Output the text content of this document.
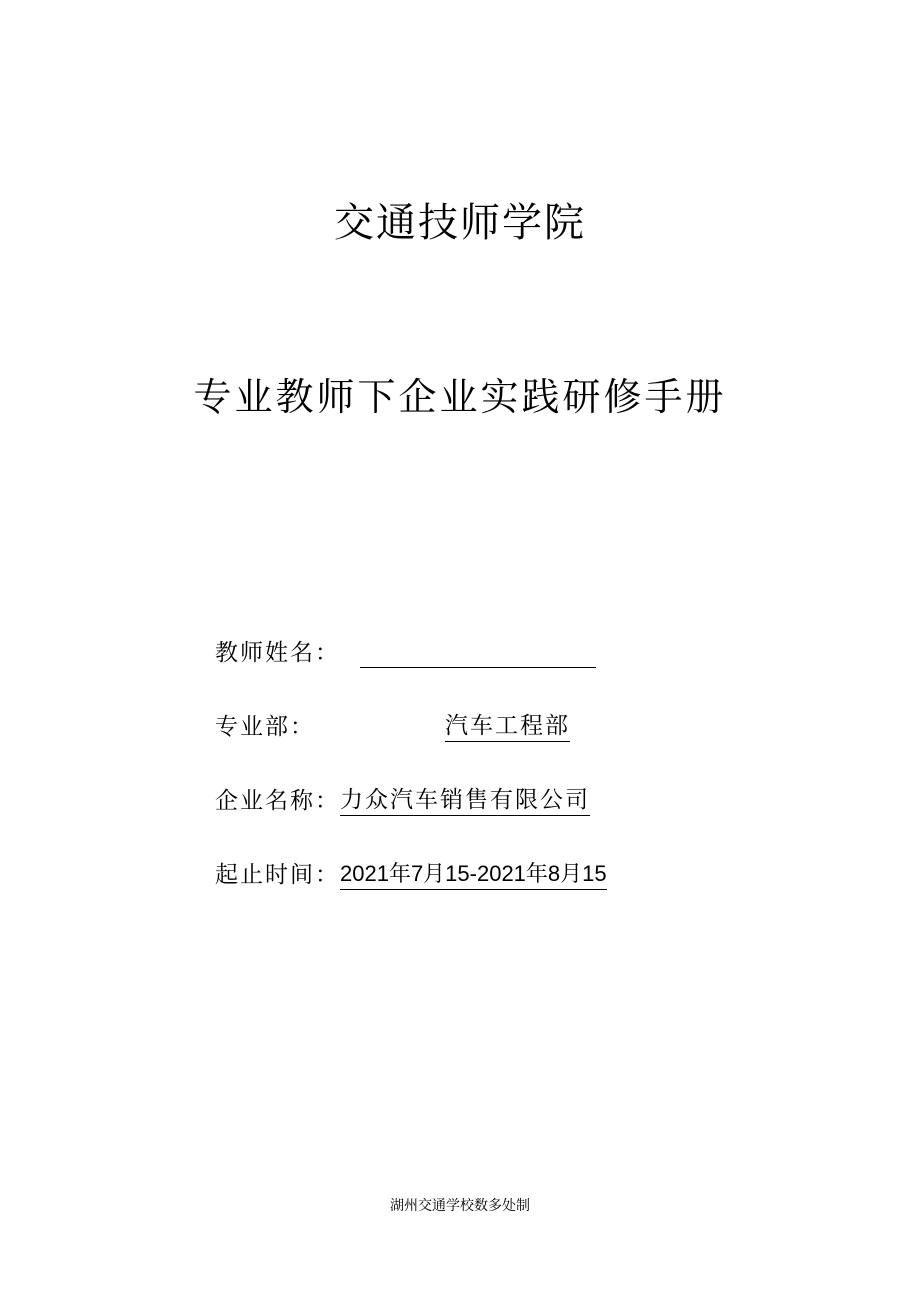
交通技师学院
专业教师下企业实践研修手册
教师姓名：
专业部：	汽车工程部
企业名称： 力众汽车销售有限公司
起止时间： 2021年7月15-2021年8月15
湖州交通学校数多处制
